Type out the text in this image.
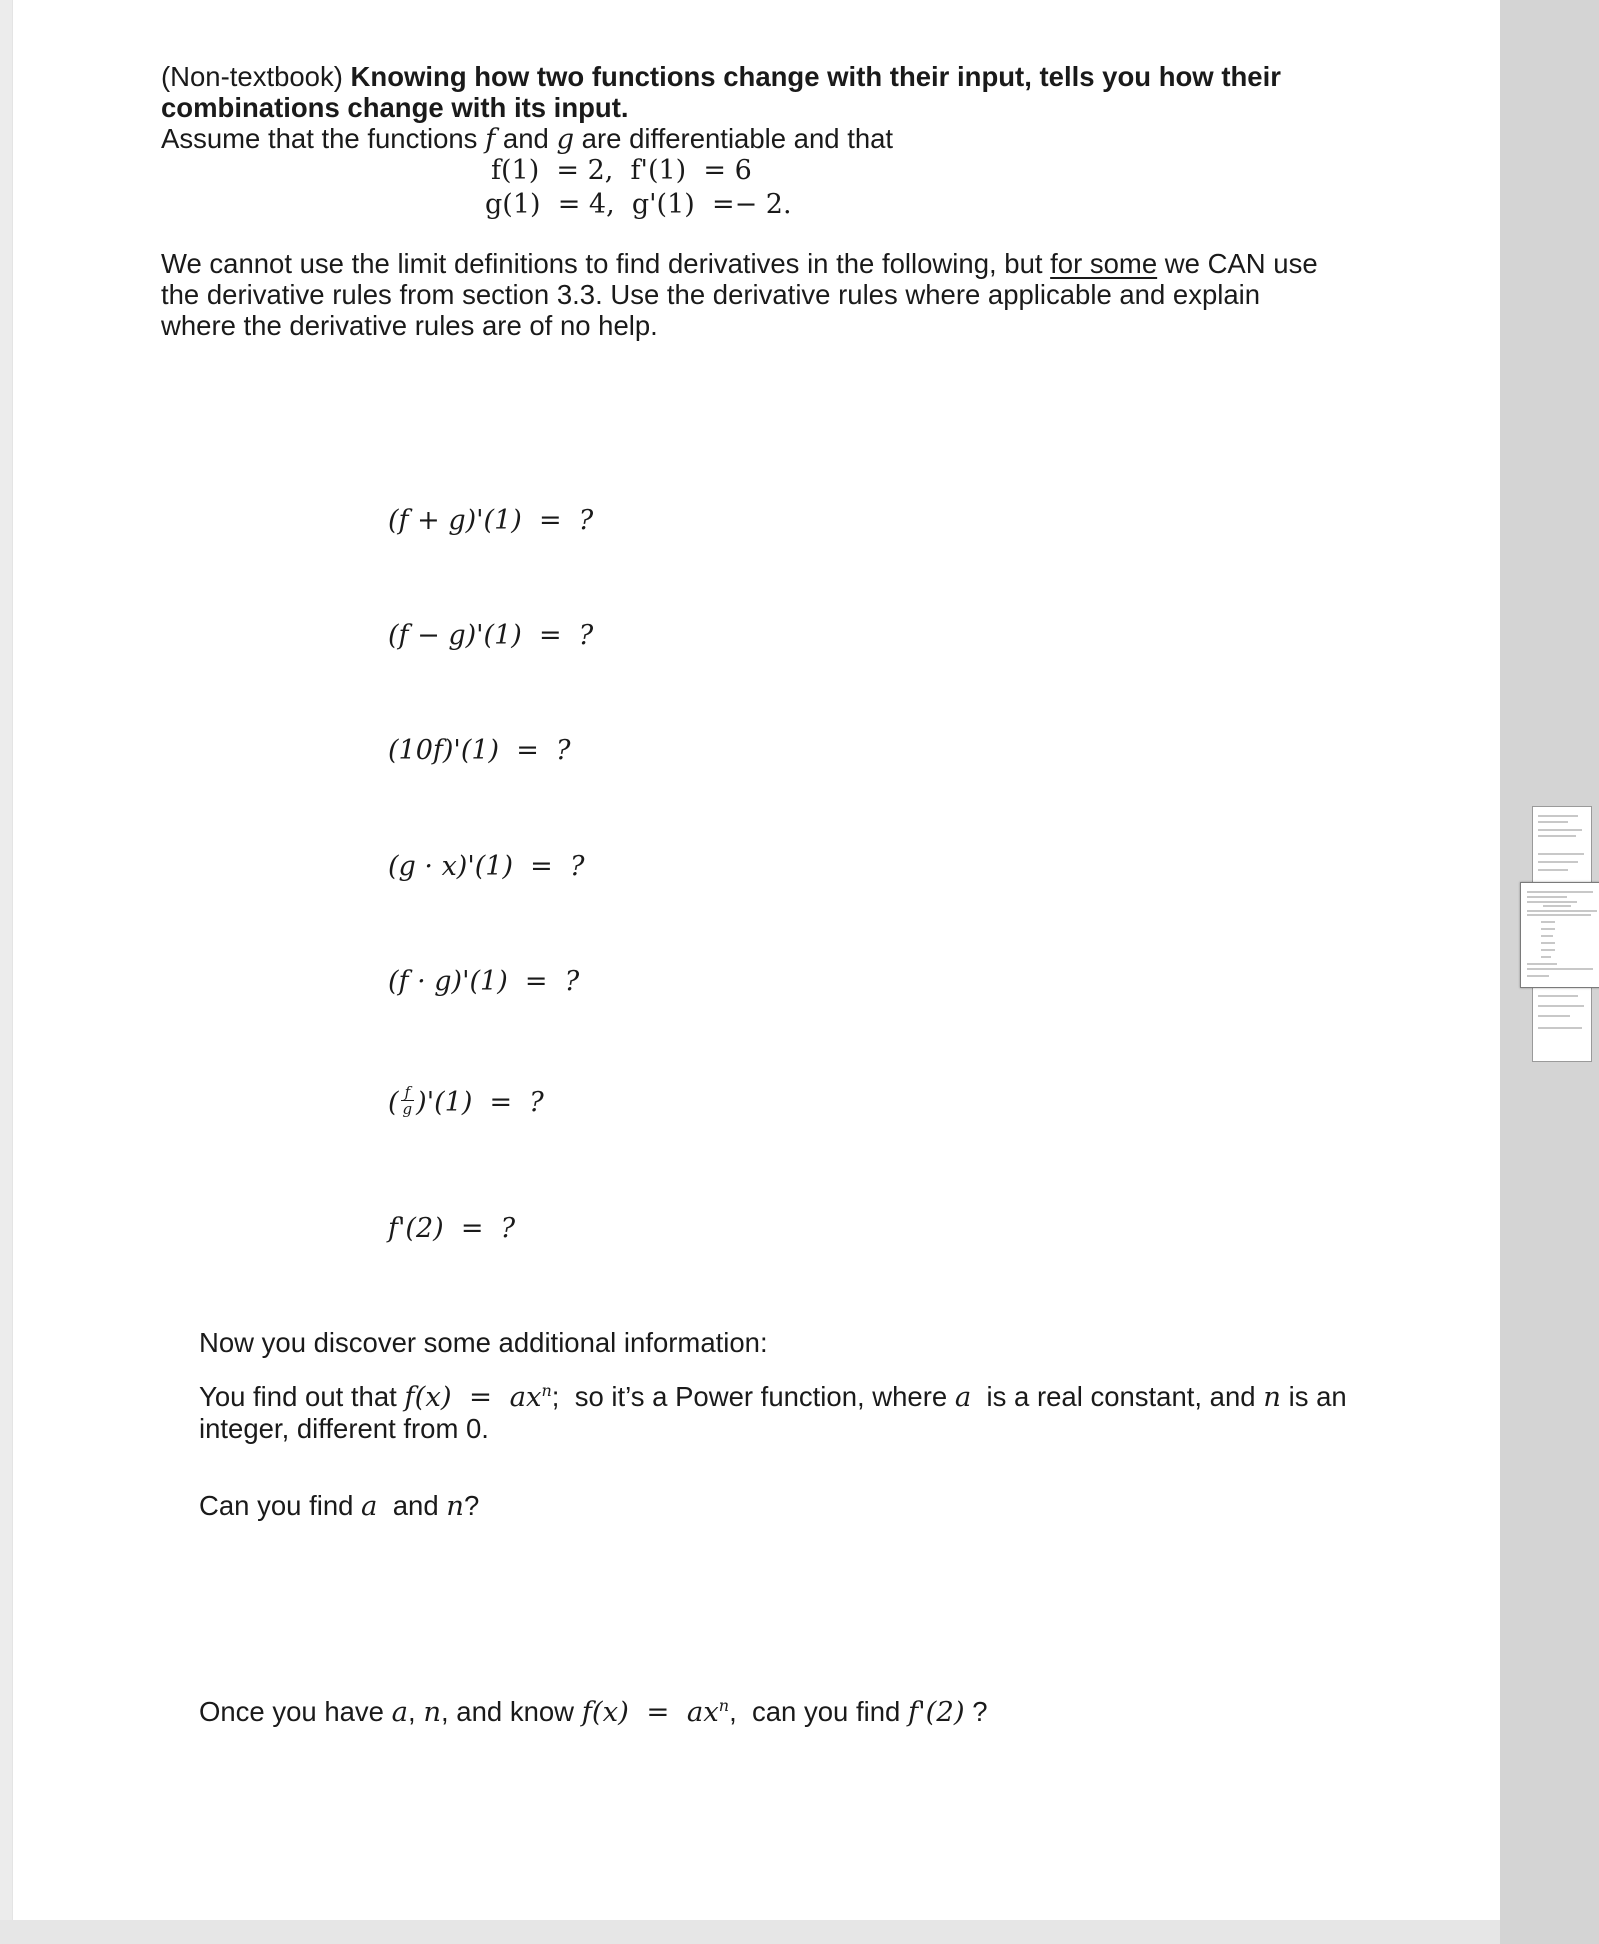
(Non-textbook) Knowing how two functions change with their input, tells you how their
combinations change with its input.
Assume that the functions f and g are differentiable and that
f(1)  = 2,  f'(1)  = 6
g(1)  = 4,  g'(1)  =− 2.
We cannot use the limit definitions to find derivatives in the following, but for some we CAN use
the derivative rules from section 3.3. Use the derivative rules where applicable and explain
where the derivative rules are of no help.
(f + g)'(1)  =  ?
(f − g)'(1)  =  ?
(10f)'(1)  =  ?
(g · x)'(1)  =  ?
(f · g)'(1)  =  ?
( $\frac{f}{g} )'(1)$  =  ?
f'(2)  =  ?
Now you discover some additional information:
You find out that $f(x) = ax^n$;  so it’s a Power function, where a  is a real constant, and n is an
integer, different from 0.
Can you find a  and n?
Once you have a, n, and know $f(x) = ax^n$,  can you find f'(2) ?
